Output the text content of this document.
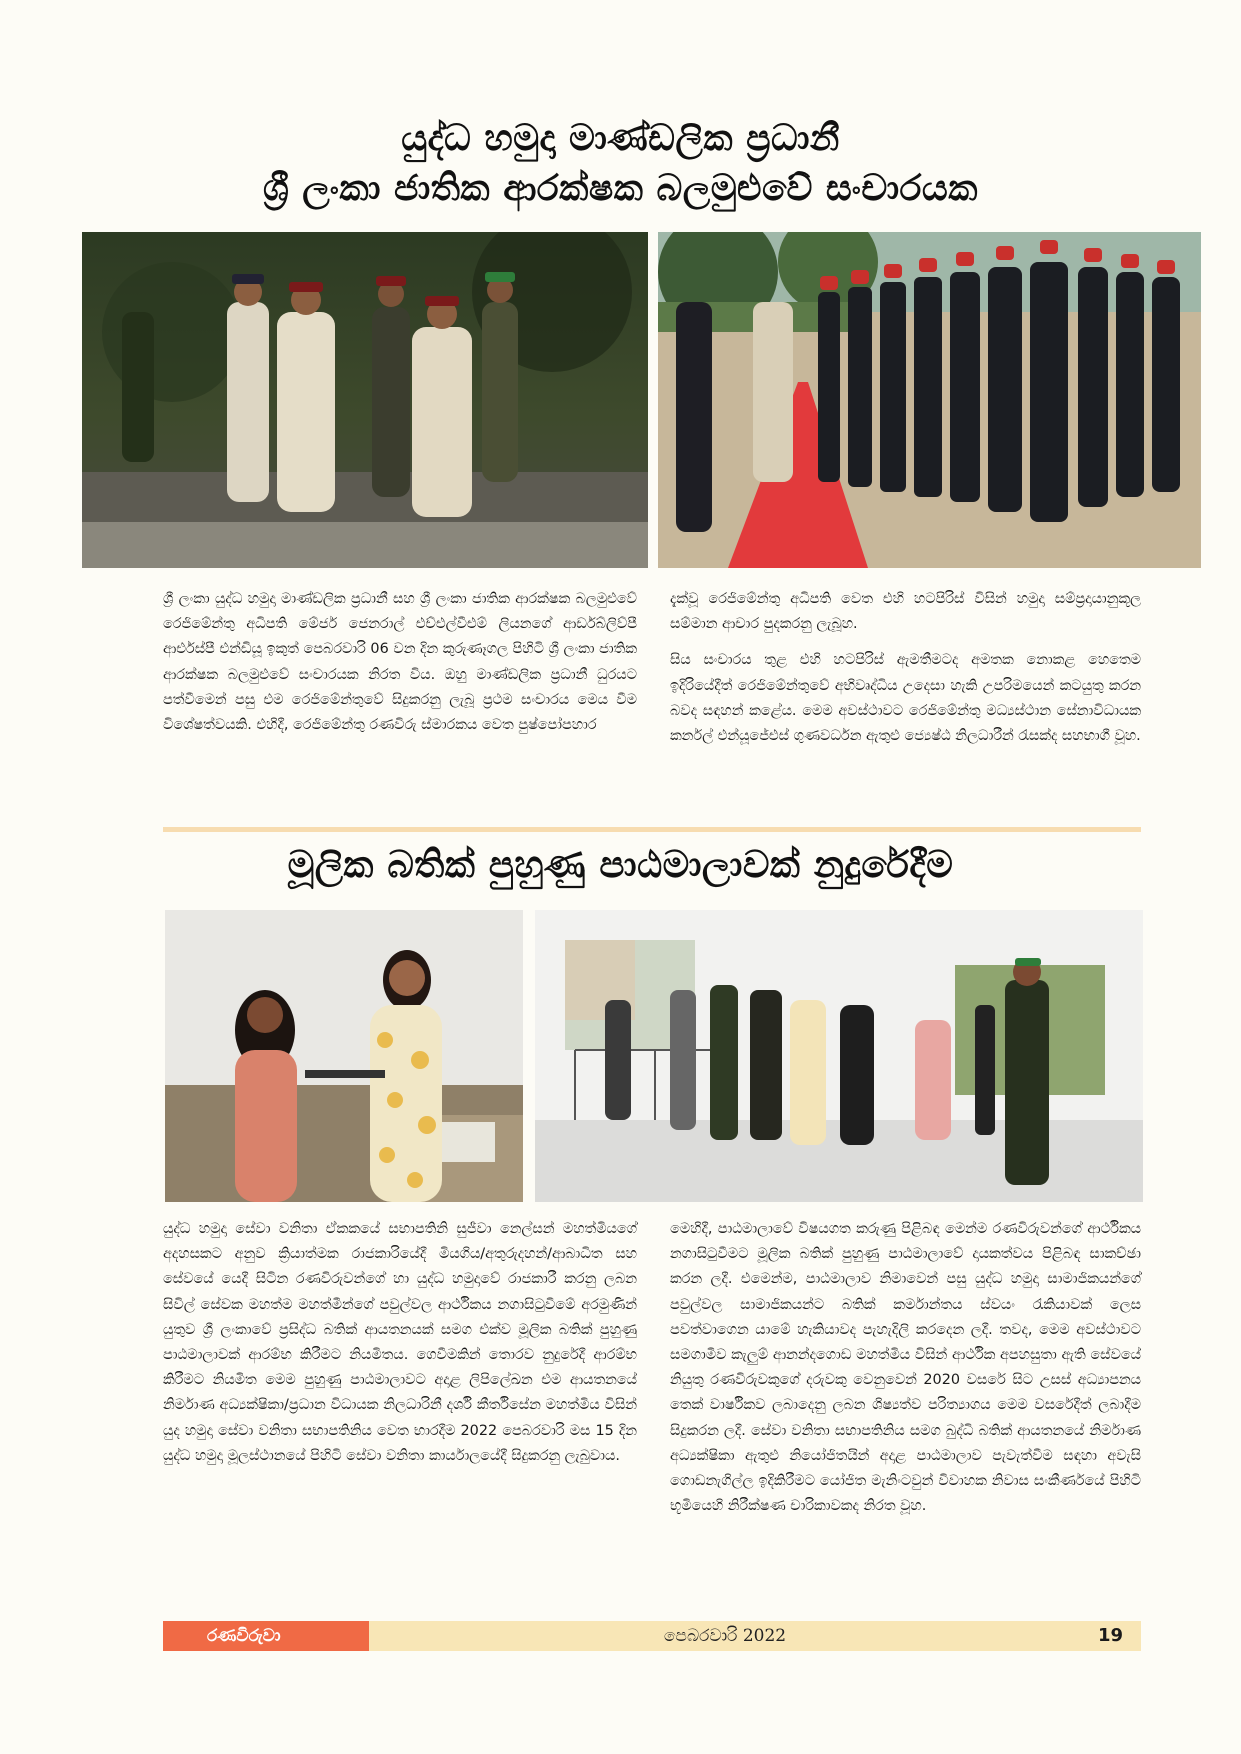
යුද්ධ හමුදා මාණ්ඩලික ප්‍රධානී
ශ්‍රී ලංකා ජාතික ආරක්ෂක බලමුළුවේ සංචාරයක

ශ්‍රී ලංකා යුද්ධ හමුදා මාණ්ඩලික ප්‍රධානී සහ ශ්‍රී ලංකා ජාතික ආරක්ෂක බලමුළුවේ රෙජිමේන්තු අධිපති මේජර් ජෙනරාල් එච්එල්වීඑම් ලියනගේ ආර්ඩබ්ලිව්පී ආර්එස්පී එන්ඩියූ ඉකුත් පෙබරවාරි 06 වන දින කුරුණෑගල පිහිටි ශ්‍රී ලංකා ජාතික ආරක්ෂක බලමුළුවේ සංචාරයක නිරත විය. ඔහු මාණ්ඩලික ප්‍රධානී ධුරයට පත්වීමෙන් පසු එම රෙජිමේන්තුවේ සිදුකරනු ලැබූ ප්‍රථම සංචාරය මෙය වීම විශේෂත්වයකි. එහිදී, රෙජිමේන්තු රණවිරු ස්මාරකය වෙත පුෂ්පෝපහාර

දැක්වූ රෙජිමේන්තු අධිපති වෙත එහි හටපිරිස් විසින් හමුදා සම්ප්‍රදායානුකූල සම්මාන ආචාර පුදකරනු ලැබූහ.

සිය සංචාරය තුළ එහි හටපිරිස් ඇමතීමටද අමතක නොකළ හෙතෙම ඉදිරියේදීත් රෙජිමේන්තුවේ අභිවෘද්ධිය උදෙසා හැකි උපරිමයෙන් කටයුතු කරන බවද සඳහන් කළේය. මෙම අවස්ථාවට රෙජිමේන්තු මධ්‍යස්ථාන සේනාවිධායක කර්නල් එන්යූජේඑස් ගුණවර්ධන ඇතුළු ජ්‍යෙෂ්ඨ නිලධාරීන් රැසක්ද සහභාගී වූහ.

මූලික බතික් පුහුණු පාඨමාලාවක් නුදුරේදීම

යුද්ධ හමුදා සේවා වනිතා ඒකකයේ සභාපතිනි සුජීවා නෙල්සන් මහත්මියගේ අදහසකට අනුව ක්‍රියාත්මක රාජකාරියේදී මියගිය/අතුරුදහන්/ආබාධිත සහ සේවයේ යෙදී සිටින රණවිරුවන්ගේ හා යුද්ධ හමුදාවේ රාජකාරී කරනු ලබන සිවිල් සේවක මහත්ම මහත්මීන්ගේ පවුල්වල ආර්ථිකය නගාසිටුවීමේ අරමුණින් යුතුව ශ්‍රී ලංකාවේ ප්‍රසිද්ධ බතික් ආයතනයක් සමග එක්ව මූලික බතික් පුහුණු පාඨමාලාවක් ආරම්භ කිරීමට නියමිතය. ගෙවීමකින් තොරව නුදුරේදී ආරම්භ කිරීමට නියමිත මෙම පුහුණු පාඨමාලාවට අදාළ ලිපිලේඛන එම ආයතනයේ නිර්මාණ අධ්‍යක්ෂිකා/ප්‍රධාන විධායක නිලධාරිනී දර්ශි කීර්තිසේන මහත්මිය විසින් යුද හමුදා සේවා වනිතා සභාපතිනිය වෙත භාරදීම 2022 පෙබරවාරි මස 15 දින යුද්ධ හමුදා මූලස්ථානයේ පිහිටි සේවා වනිතා කාර්යාලයේදී සිදුකරනු ලැබුවාය.

මෙහිදී, පාඨමාලාවේ විෂයගත කරුණු පිළිබඳ මෙන්ම රණවිරුවන්ගේ ආර්ථිකය නගාසිටුවීමට මූලික බතික් පුහුණු පාඨමාලාවේ දායකත්වය පිළිබඳ සාකච්ඡා කරන ලදී. එමෙන්ම, පාඨමාලාව නිමාවෙන් පසු යුද්ධ හමුදා සාමාජිකයන්ගේ පවුල්වල සාමාජිකයන්ට බතික් කර්මාන්තය ස්වයං රැකියාවක් ලෙස පවත්වාගෙන යාමේ හැකියාවද පැහැදිලි කරදෙන ලදී. තවද, මෙම අවස්ථාවට සමගාමීව කැලුම් ආනන්දගොඩ මහත්මිය විසින් ආර්ථික අපහසුතා ඇති සේවයේ නියුතු රණවිරුවකුගේ දරුවකු වෙනුවෙන් 2020 වසරේ සිට උසස් අධ්‍යාපනය තෙක් වාර්ෂිකව ලබාදෙනු ලබන ශිෂ්‍යත්ව පරිත්‍යාගය මෙම වසරේදීත් ලබාදීම සිදුකරන ලදී. සේවා වනිතා සභාපතිනිය සමග බුද්ධි බතික් ආයතනයේ නිර්මාණ අධ්‍යක්ෂිකා ඇතුළු නියෝජිතයින් අදාළ පාඨමාලාව පැවැත්වීම සඳහා අවැසි ගොඩනැගිල්ල ඉදිකිරීමට යෝජිත මැනිංටවුන් විවාහක නිවාස සංකීර්ණයේ පිහිටි භූමියෙහි නිරීක්ෂණ චාරිකාවකද නිරත වූහ.

රණවිරුවා	පෙබරවාරි 2022	19
